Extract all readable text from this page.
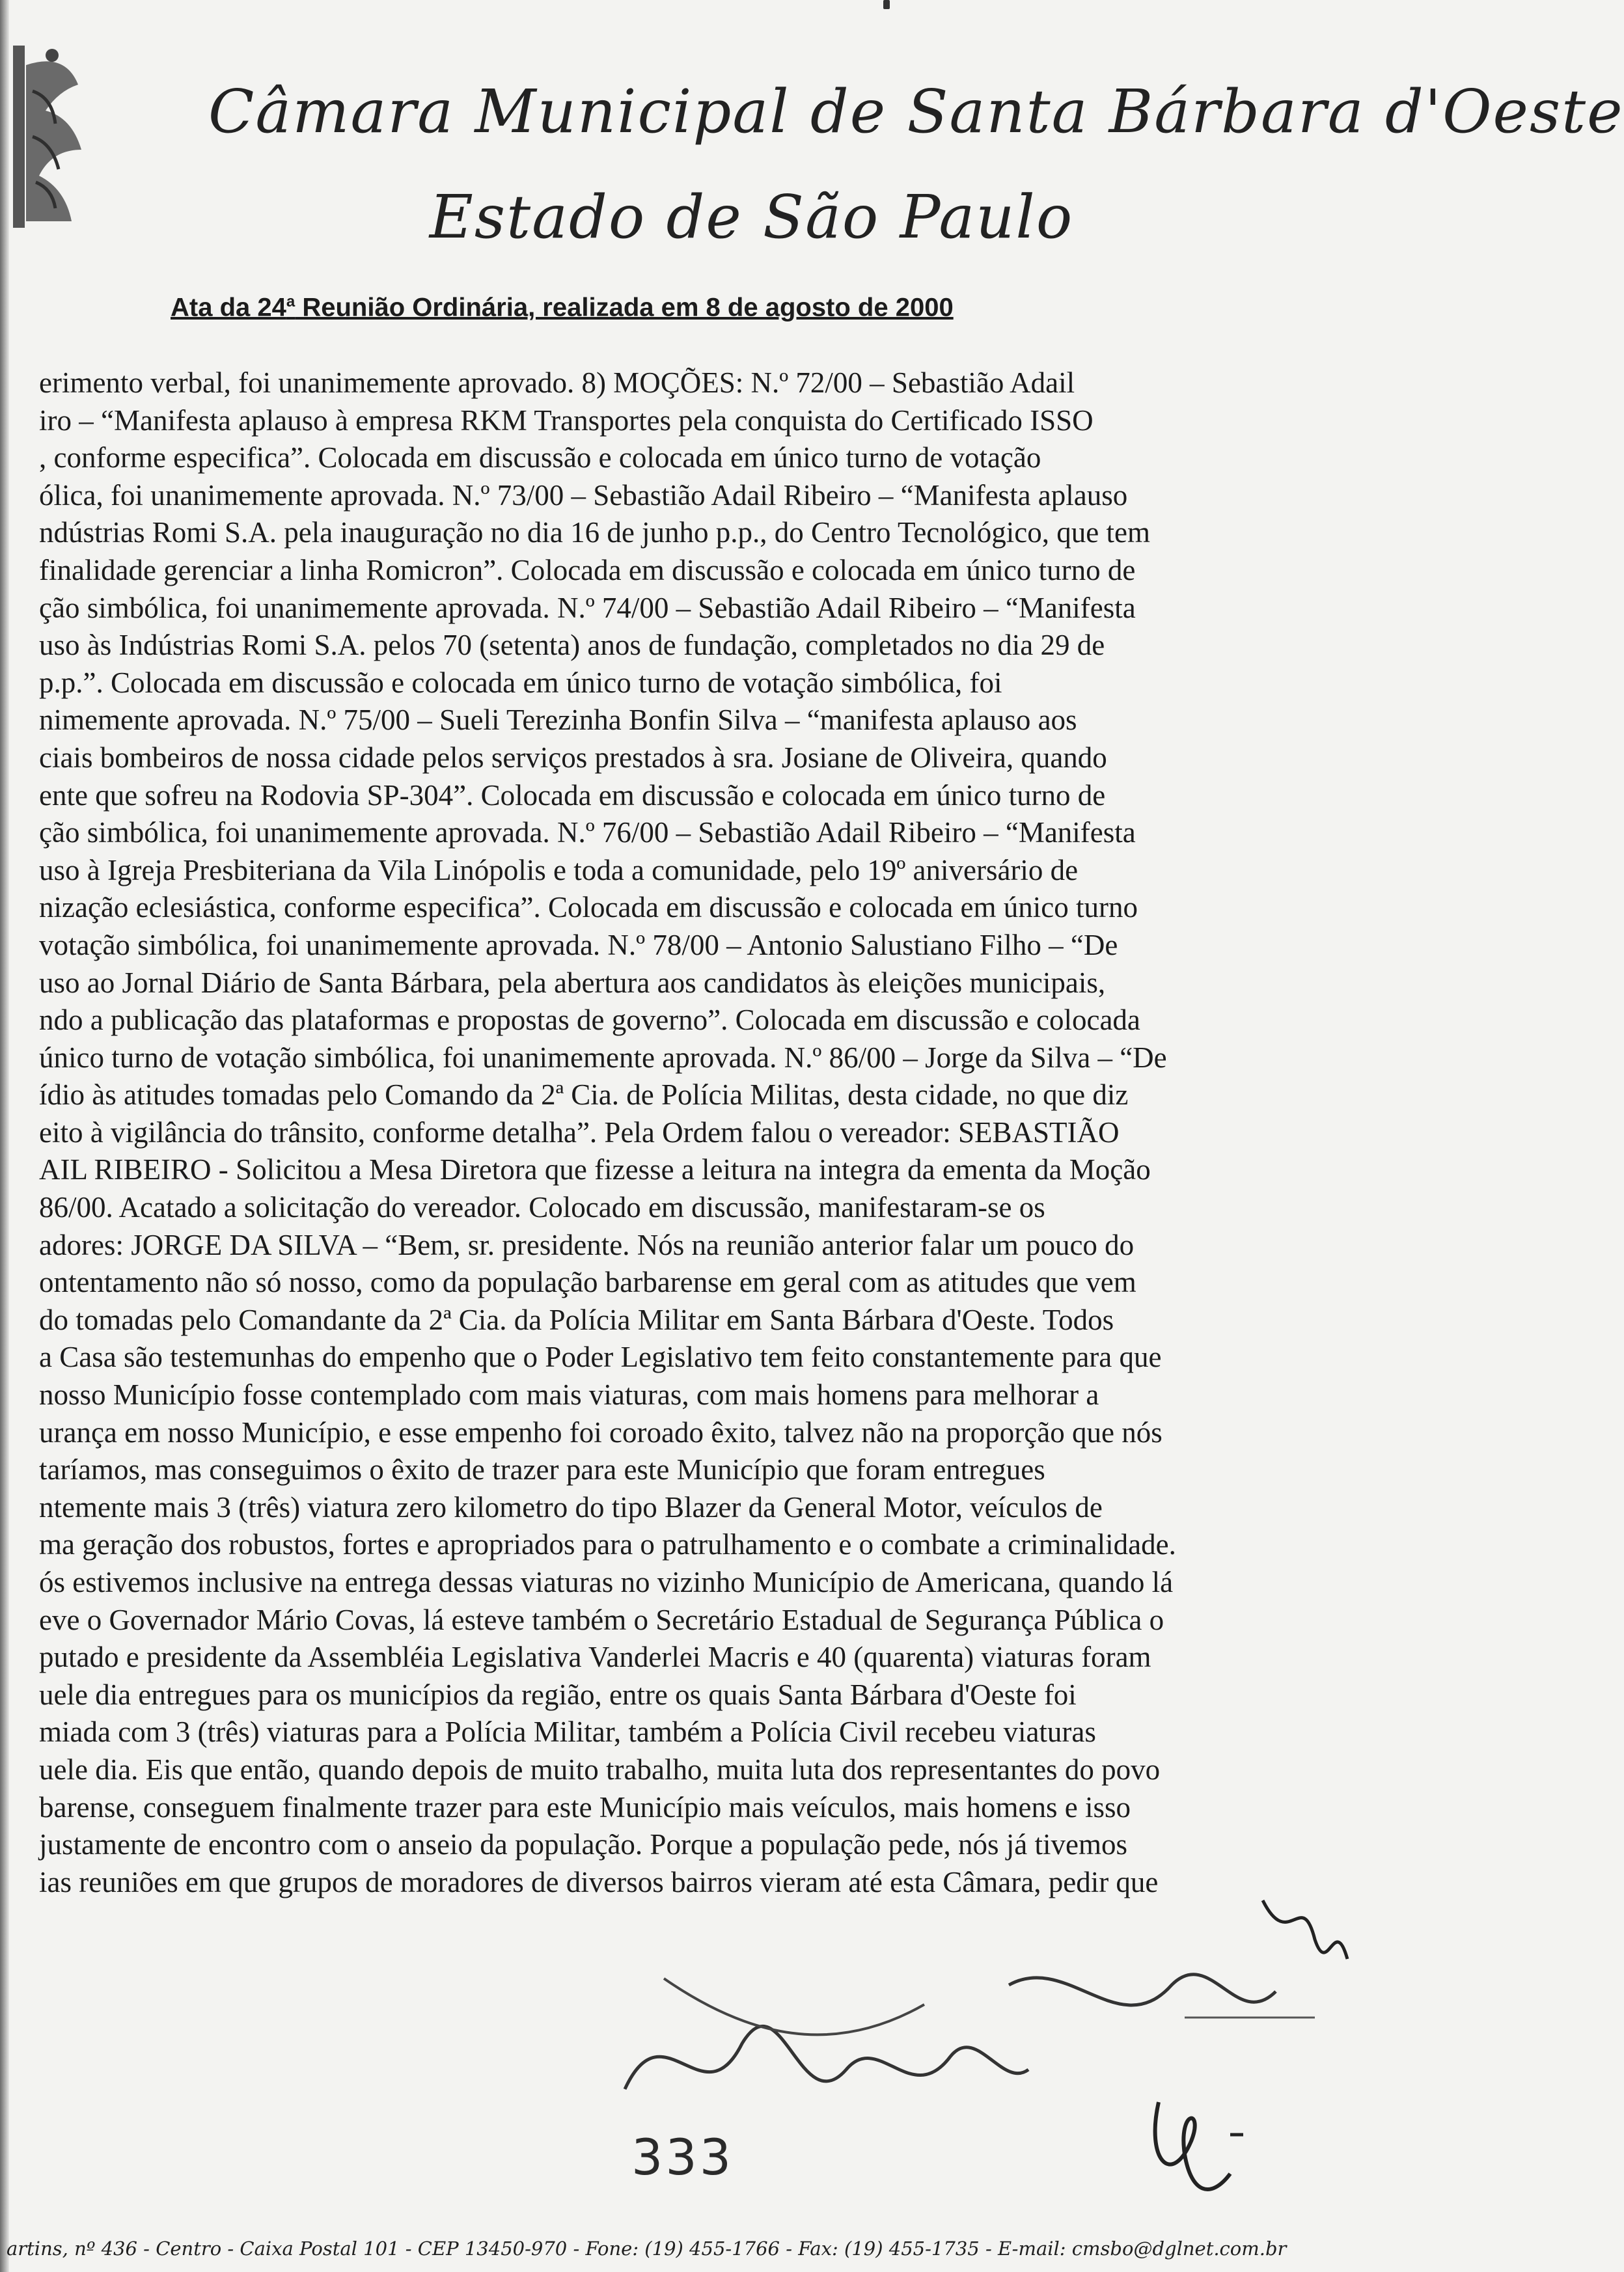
Câmara Municipal de Santa Bárbara d'Oeste
Estado de São Paulo
Ata da 24$^a$ Reunião Ordinária, realizada em 8 de agosto de 2000
erimento verbal, foi unanimemente aprovado. 8) MOÇÕES: N.º 72/00 – Sebastião Adail
iro – “Manifesta aplauso à empresa RKM Transportes pela conquista do Certificado ISSO
, conforme especifica”. Colocada em discussão e colocada em único turno de votação
ólica, foi unanimemente aprovada. N.º 73/00 – Sebastião Adail Ribeiro – “Manifesta aplauso
ndústrias Romi S.A. pela inauguração no dia 16 de junho p.p., do Centro Tecnológico, que tem
finalidade gerenciar a linha Romicron”. Colocada em discussão e colocada em único turno de
ção simbólica, foi unanimemente aprovada. N.º 74/00 – Sebastião Adail Ribeiro – “Manifesta
uso às Indústrias Romi S.A. pelos 70 (setenta) anos de fundação, completados no dia 29 de
p.p.”. Colocada em discussão e colocada em único turno de votação simbólica, foi
nimemente aprovada. N.º 75/00 – Sueli Terezinha Bonfin Silva – “manifesta aplauso aos
ciais bombeiros de nossa cidade pelos serviços prestados à sra. Josiane de Oliveira, quando
ente que sofreu na Rodovia SP-304”. Colocada em discussão e colocada em único turno de
ção simbólica, foi unanimemente aprovada. N.º 76/00 – Sebastião Adail Ribeiro – “Manifesta
uso à Igreja Presbiteriana da Vila Linópolis e toda a comunidade, pelo 19º aniversário de
nização eclesiástica, conforme especifica”. Colocada em discussão e colocada em único turno
votação simbólica, foi unanimemente aprovada. N.º 78/00 – Antonio Salustiano Filho – “De
uso ao Jornal Diário de Santa Bárbara, pela abertura aos candidatos às eleições municipais,
ndo a publicação das plataformas e propostas de governo”. Colocada em discussão e colocada
único turno de votação simbólica, foi unanimemente aprovada. N.º 86/00 – Jorge da Silva – “De
ídio às atitudes tomadas pelo Comando da 2ª Cia. de Polícia Militas, desta cidade, no que diz
eito à vigilância do trânsito, conforme detalha”. Pela Ordem falou o vereador: SEBASTIÃO
AIL RIBEIRO - Solicitou a Mesa Diretora que fizesse a leitura na integra da ementa da Moção
86/00. Acatado a solicitação do vereador. Colocado em discussão, manifestaram-se os
adores: JORGE DA SILVA – “Bem, sr. presidente. Nós na reunião anterior falar um pouco do
ontentamento não só nosso, como da população barbarense em geral com as atitudes que vem
do tomadas pelo Comandante da 2ª Cia. da Polícia Militar em Santa Bárbara d'Oeste. Todos
a Casa são testemunhas do empenho que o Poder Legislativo tem feito constantemente para que
nosso Município fosse contemplado com mais viaturas, com mais homens para melhorar a
urança em nosso Município, e esse empenho foi coroado êxito, talvez não na proporção que nós
taríamos, mas conseguimos o êxito de trazer para este Município que foram entregues
ntemente mais 3 (três) viatura zero kilometro do tipo Blazer da General Motor, veículos de
ma geração dos robustos, fortes e apropriados para o patrulhamento e o combate a criminalidade.
ós estivemos inclusive na entrega dessas viaturas no vizinho Município de Americana, quando lá
eve o Governador Mário Covas, lá esteve também o Secretário Estadual de Segurança Pública o
putado e presidente da Assembléia Legislativa Vanderlei Macris e 40 (quarenta) viaturas foram
uele dia entregues para os municípios da região, entre os quais Santa Bárbara d'Oeste foi
miada com 3 (três) viaturas para a Polícia Militar, também a Polícia Civil recebeu viaturas
uele dia. Eis que então, quando depois de muito trabalho, muita luta dos representantes do povo
barense, conseguem finalmente trazer para este Município mais veículos, mais homens e isso
justamente de encontro com o anseio da população. Porque a população pede, nós já tivemos
ias reuniões em que grupos de moradores de diversos bairros vieram até esta Câmara, pedir que
333
artins, nº 436 - Centro - Caixa Postal 101 - CEP 13450-970 - Fone: (19) 455-1766 - Fax: (19) 455-1735 - E-mail: cmsbo@dglnet.com.br
